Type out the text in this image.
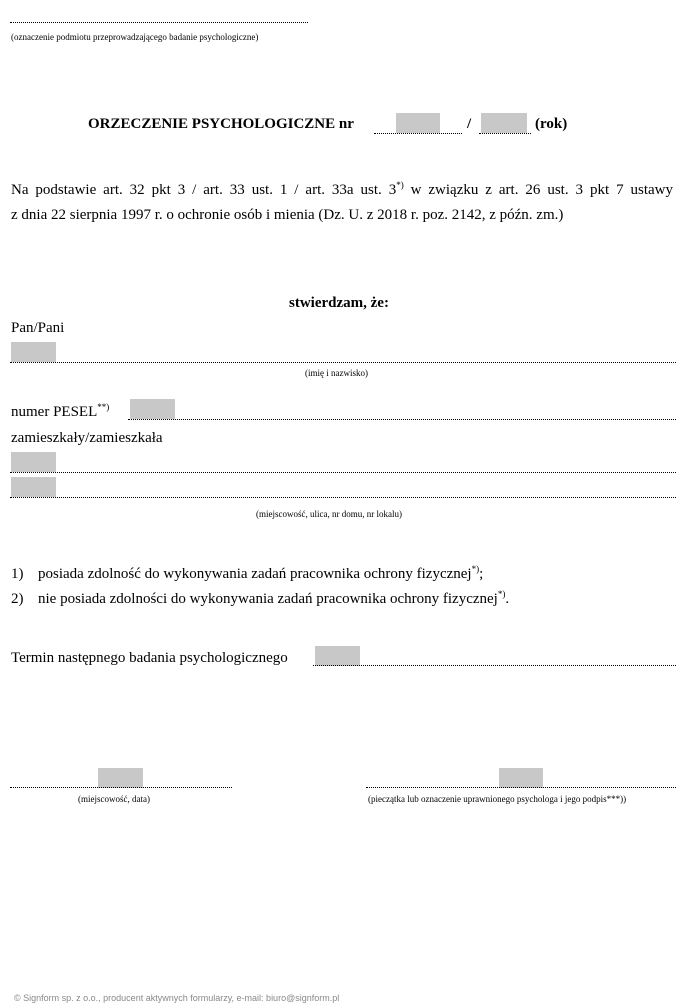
(oznaczenie podmiotu przeprowadzającego badanie psychologiczne)
ORZECZENIE PSYCHOLOGICZNE nr	/	(rok)
Na podstawie art. 32 pkt 3 / art. 33 ust. 1 / art. 33a ust. 3*) w związku z art. 26 ust. 3 pkt 7 ustawy
z dnia 22 sierpnia 1997 r. o ochronie osób i mienia (Dz. U. z 2018 r. poz. 2142, z późn. zm.)
stwierdzam, że:
Pan/Pani
(imię i nazwisko)
numer PESEL**)
zamieszkały/zamieszkała
(miejscowość, ulica, nr domu, nr lokalu)
1) posiada zdolność do wykonywania zadań pracownika ochrony fizycznej*);
2) nie posiada zdolności do wykonywania zadań pracownika ochrony fizycznej*).
Termin następnego badania psychologicznego
(miejscowość, data)	(pieczątka lub oznaczenie uprawnionego psychologa i jego podpis***))
© Signform sp. z o.o., producent aktywnych formularzy, e-mail: biuro@signform.pl
